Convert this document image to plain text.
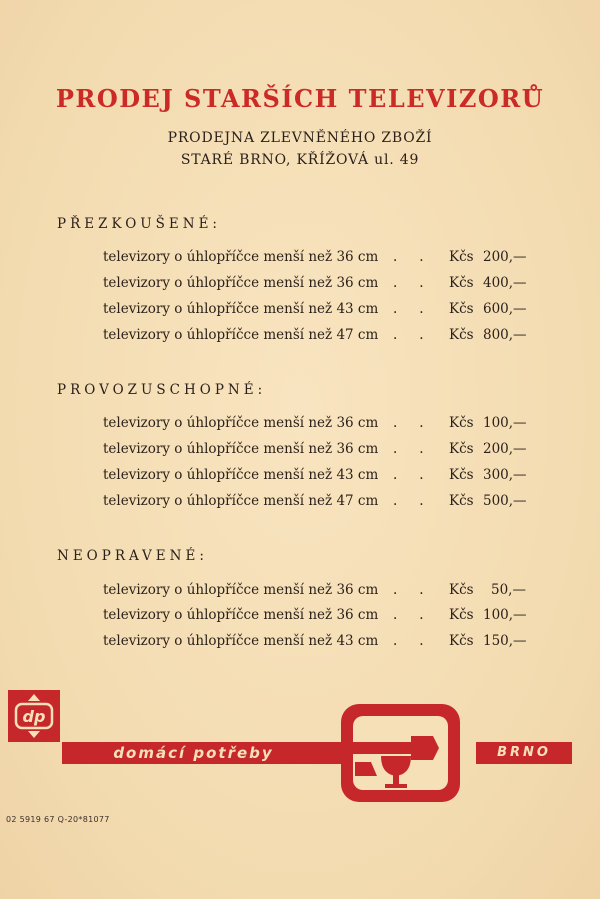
PRODEJ STARŠÍCH TELEVIZORŮ
PRODEJNA ZLEVNĚNÉHO ZBOŽÍ
STARÉ BRNO, KŘÍŽOVÁ ul. 49
PŘEZKOUŠENÉ:
televizory o úhlopříčce menší než 36 cm .. Kčs 200,—
televizory o úhlopříčce menší než 36 cm .. Kčs 400,—
televizory o úhlopříčce menší než 43 cm .. Kčs 600,—
televizory o úhlopříčce menší než 47 cm .. Kčs 800,—
PROVOZUSCHOPNÉ:
televizory o úhlopříčce menší než 36 cm .. Kčs 100,—
televizory o úhlopříčce menší než 36 cm .. Kčs 200,—
televizory o úhlopříčce menší než 43 cm .. Kčs 300,—
televizory o úhlopříčce menší než 47 cm .. Kčs 500,—
NEOPRAVENÉ:
televizory o úhlopříčce menší než 36 cm .. Kčs 50,—
televizory o úhlopříčce menší než 36 cm .. Kčs 100,—
televizory o úhlopříčce menší než 43 cm .. Kčs 150,—
dp
domácí potřeby	BRNO
02 5919 67 Q-20*81077
